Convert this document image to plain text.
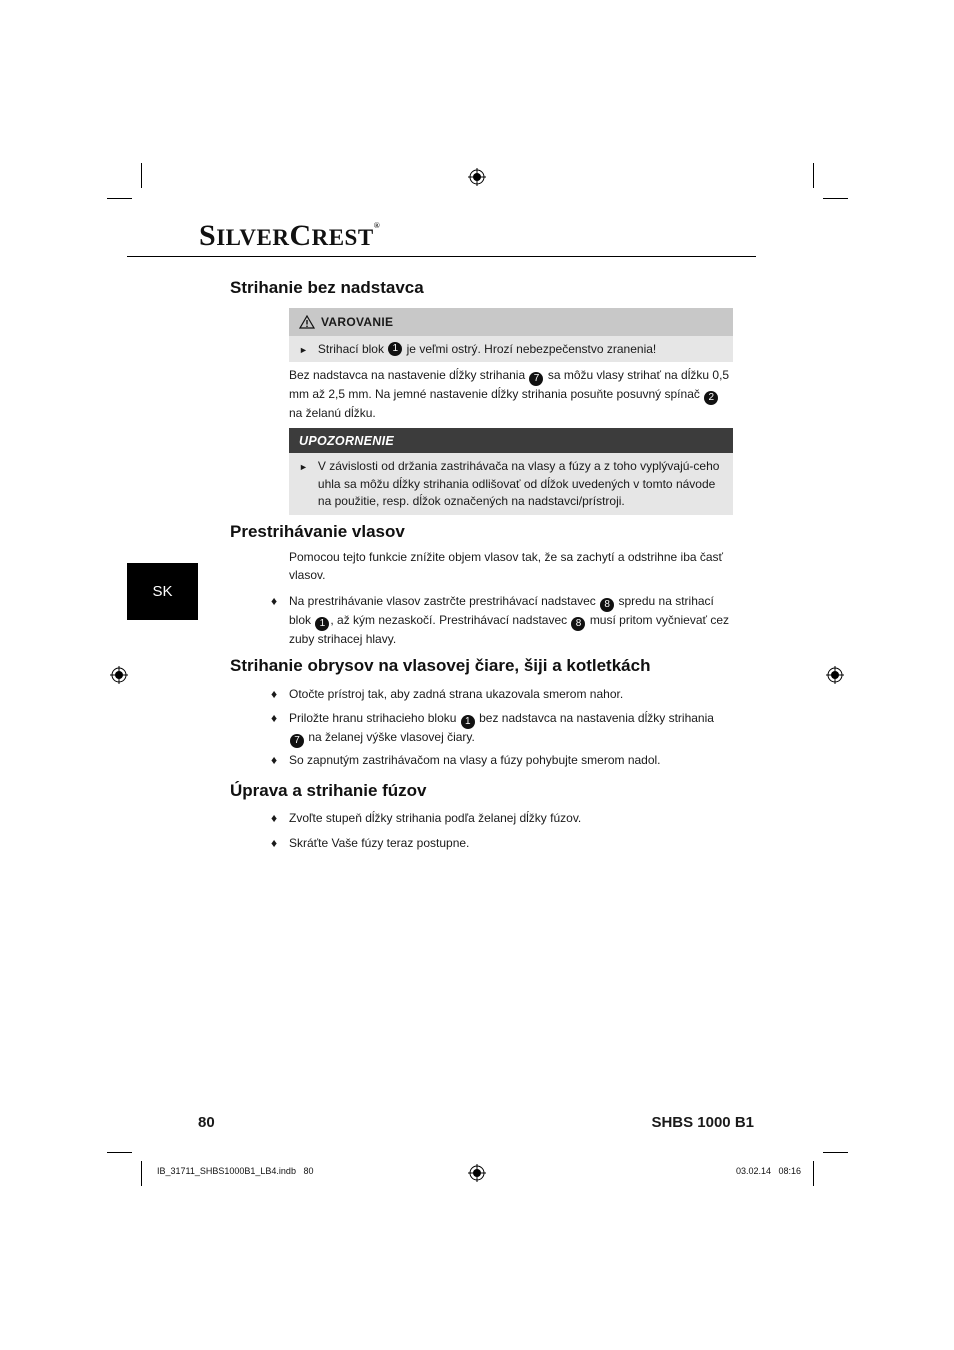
SILVERCREST®
Strihanie bez nadstavca
VAROVANIE
► Strihací blok
1
je veľmi ostrý. Hrozí nebezpečenstvo zranenia!

Bez nadstavca na nastavenie dĺžky strihania 7 sa môžu vlasy strihať na dĺžku 0,5 mm až 2,5 mm. Na jemné nastavenie dĺžky strihania posuňte posuvný spínač 2 na želanú dĺžku.

UPOZORNENIE
► V závislosti od držania zastrihávača na vlasy a fúzy a z toho vyplývajú-ceho uhla sa môžu dĺžky strihania odlišovať od dĺžok uvedených v tomto návode na použitie, resp. dĺžok označených na nadstavci/prístroji.
Prestrihávanie vlasov

Pomocou tejto funkcie znížite objem vlasov tak, že sa zachytí a odstrihne iba časť vlasov.

♦ Na prestrihávanie vlasov zastrčte prestrihávací nadstavec 8 spredu na strihací blok 1 , až kým nezaskočí. Prestrihávací nadstavec 8 musí pritom vyčnievať cez zuby strihacej hlavy.

SK
Strihanie obrysov na vlasovej čiare, šiji a kotletkách
♦ Otočte prístroj tak, aby zadná strana ukazovala smerom nahor.

♦ Priložte hranu strihacieho bloku 1 bez nadstavca na nastavenia dĺžky strihania 7 na želanej výške vlasovej čiary.

♦ So zapnutým zastrihávačom na vlasy a fúzy pohybujte smerom nadol.

Úprava a strihanie fúzov
♦ Zvoľte stupeň dĺžky strihania podľa želanej dĺžky fúzov.

♦ Skráťte Vaše fúzy teraz postupne.

80	SHBS 1000 B1
IB_31711_SHBS1000B1_LB4.indb   80	03.02.14   08:16
